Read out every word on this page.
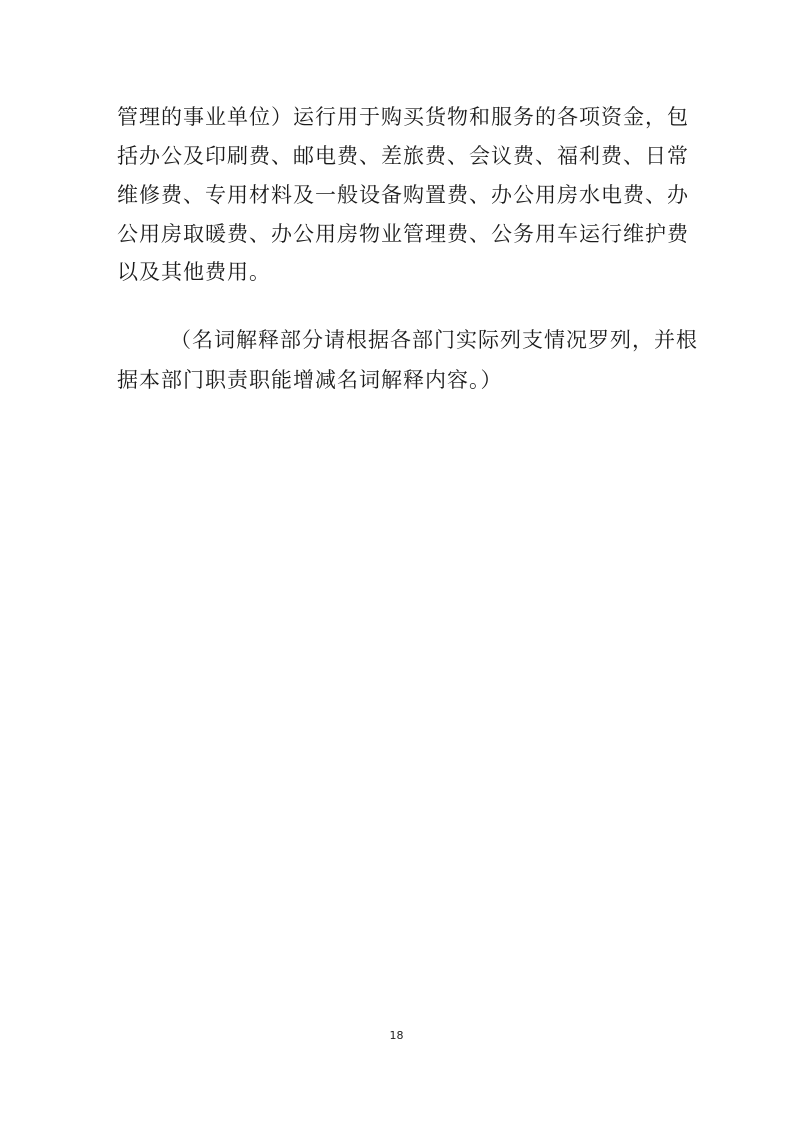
管理的事业单位）运行用于购买货物和服务的各项资金，包
括办公及印刷费、邮电费、差旅费、会议费、福利费、日常
维修费、专用材料及一般设备购置费、办公用房水电费、办
公用房取暖费、办公用房物业管理费、公务用车运行维护费
以及其他费用。
（名词解释部分请根据各部门实际列支情况罗列，并根
据本部门职责职能增减名词解释内容。）
18
